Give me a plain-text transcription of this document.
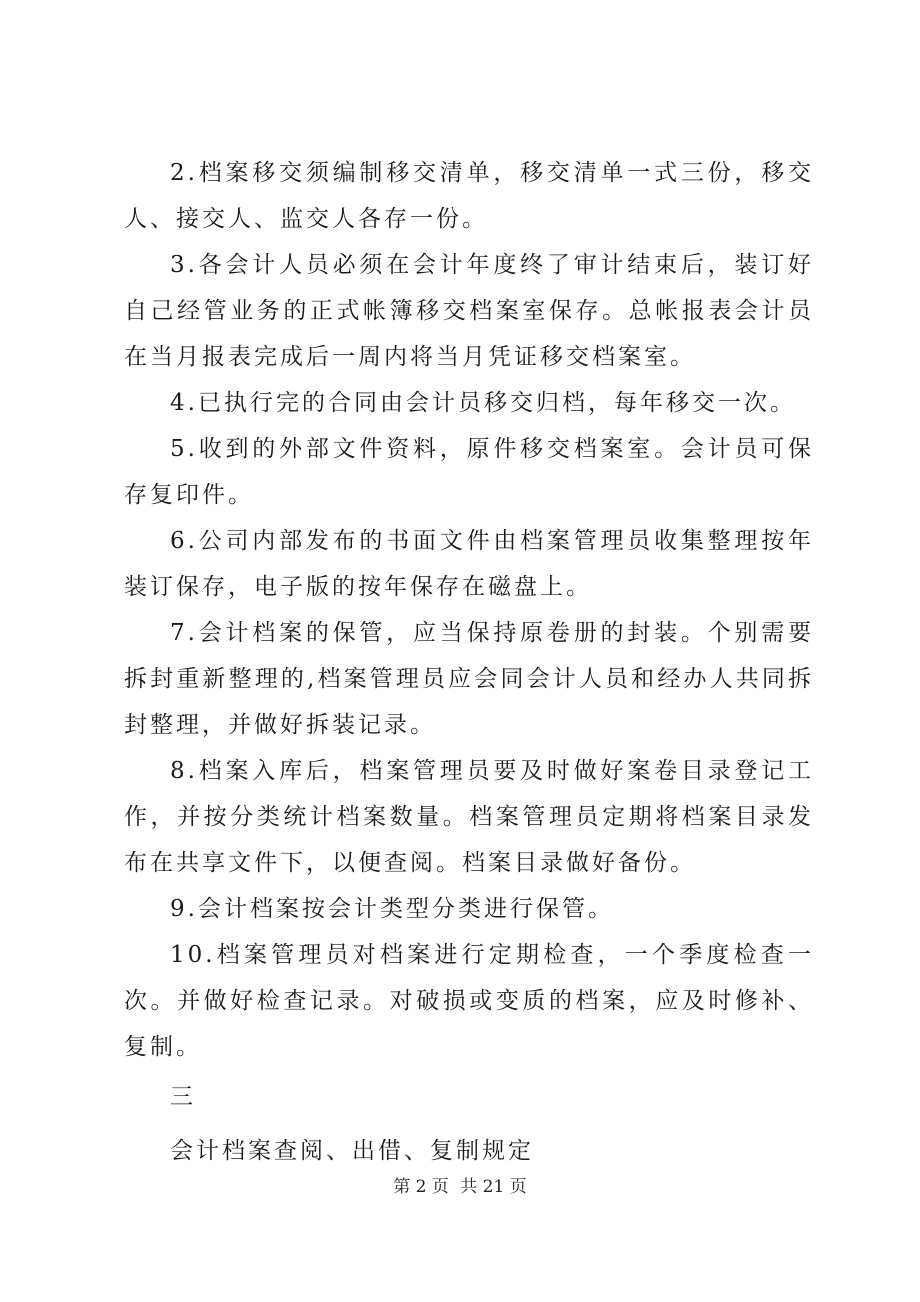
2.档案移交须编制移交清单，移交清单一式三份，移交人、接交人、监交人各存一份。

3.各会计人员必须在会计年度终了审计结束后，装订好自己经管业务的正式帐簿移交档案室保存。总帐报表会计员在当月报表完成后一周内将当月凭证移交档案室。

4.已执行完的合同由会计员移交归档，每年移交一次。

5.收到的外部文件资料，原件移交档案室。会计员可保存复印件。

6.公司内部发布的书面文件由档案管理员收集整理按年装订保存，电子版的按年保存在磁盘上。

7.会计档案的保管，应当保持原卷册的封装。个别需要拆封重新整理的,档案管理员应会同会计人员和经办人共同拆封整理，并做好拆装记录。

8.档案入库后，档案管理员要及时做好案卷目录登记工作，并按分类统计档案数量。档案管理员定期将档案目录发布在共享文件下，以便查阅。档案目录做好备份。

9.会计档案按会计类型分类进行保管。

10.档案管理员对档案进行定期检查，一个季度检查一次。并做好检查记录。对破损或变质的档案，应及时修补、复制。

三

会计档案查阅、出借、复制规定

第 2 页 共 21 页
